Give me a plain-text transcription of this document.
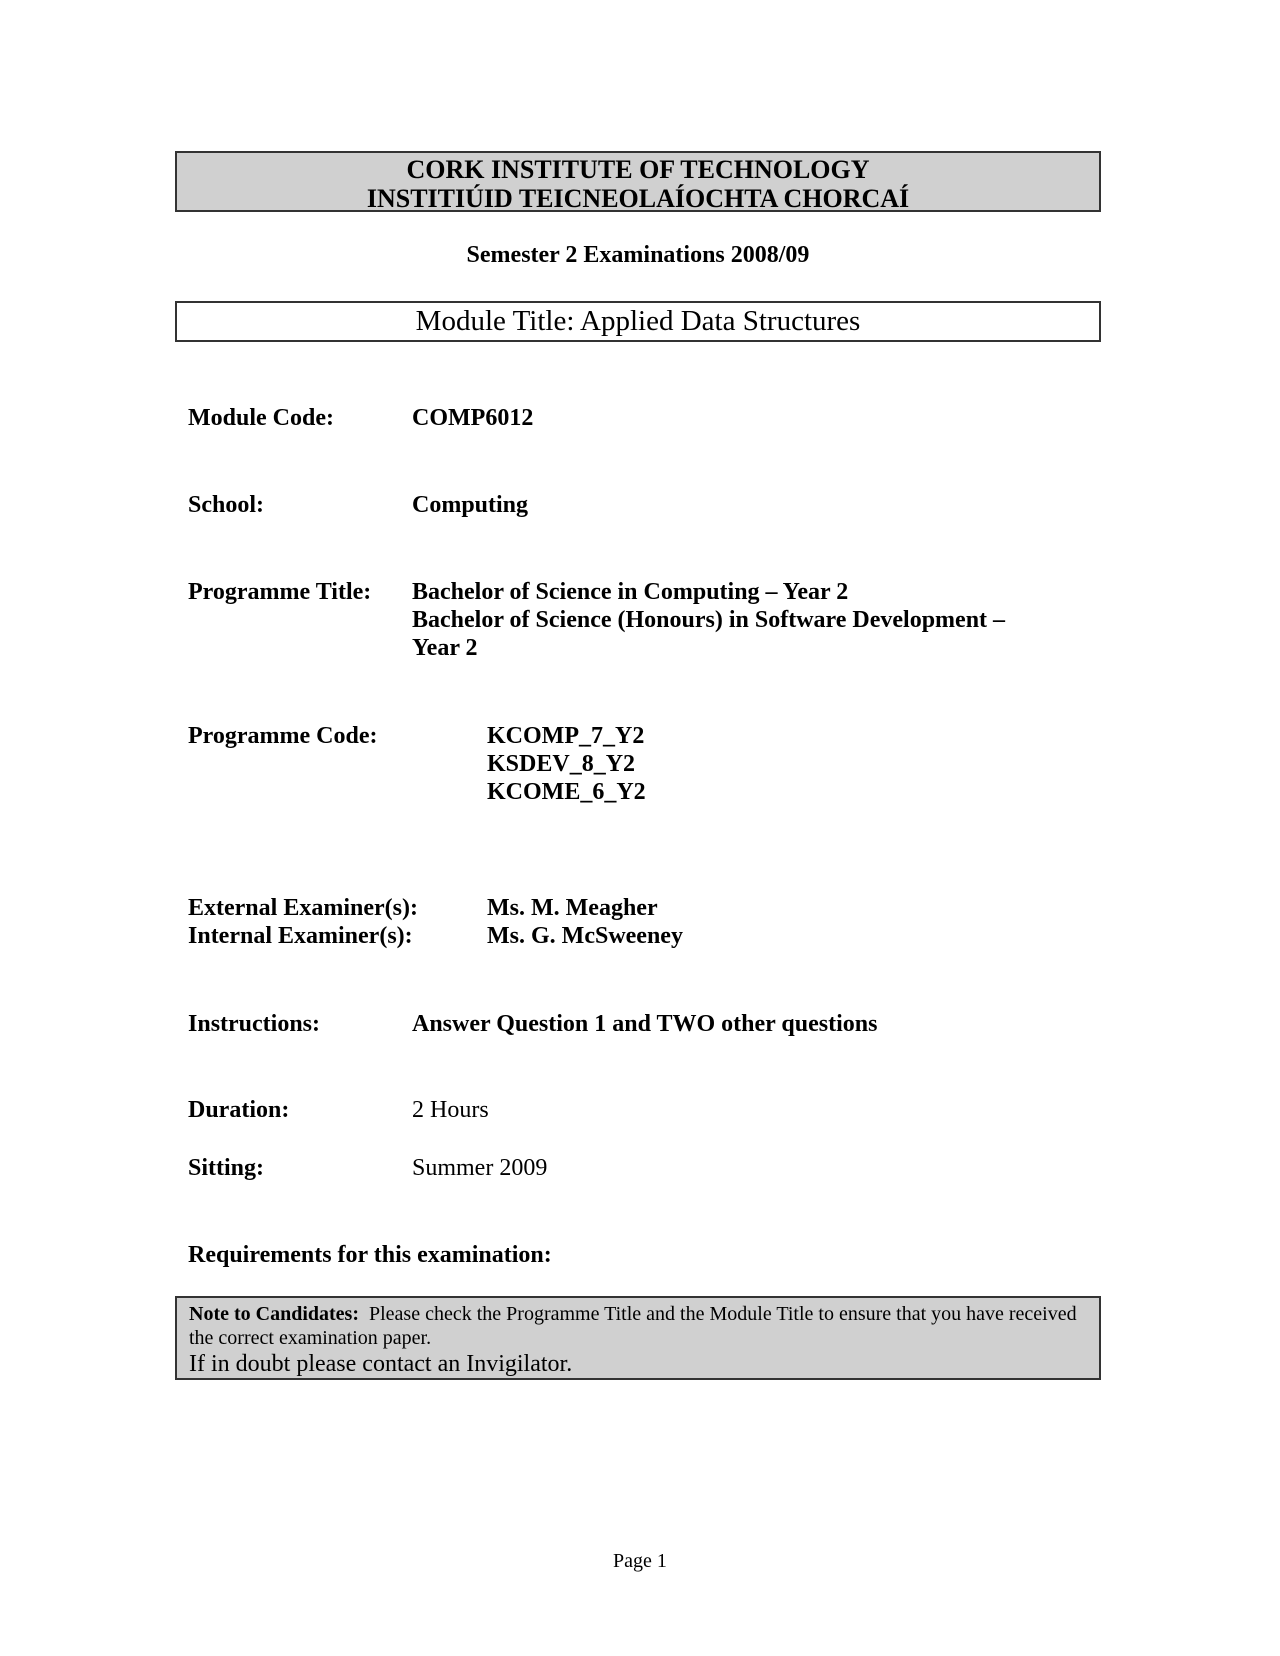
CORK INSTITUTE OF TECHNOLOGY
INSTITIÚID TEICNEOLAÍOCHTA CHORCAÍ
Semester 2 Examinations 2008/09
Module Title: Applied Data Structures
Module Code:	COMP6012
School:	Computing
Programme Title: Bachelor of Science in Computing – Year 2
Bachelor of Science (Honours) in Software Development –
Year 2
Programme Code:	KCOMP_7_Y2
KSDEV_8_Y2
KCOME_6_Y2
External Examiner(s):	Ms. M. Meagher
Internal Examiner(s):	Ms. G. McSweeney
Instructions:	Answer Question 1 and TWO other questions
Duration:	2 Hours
Sitting:	Summer 2009
Requirements for this examination:
Note to Candidates: Please check the Programme Title and the Module Title to ensure that you have received the correct examination paper.
If in doubt please contact an Invigilator.
Page 1
